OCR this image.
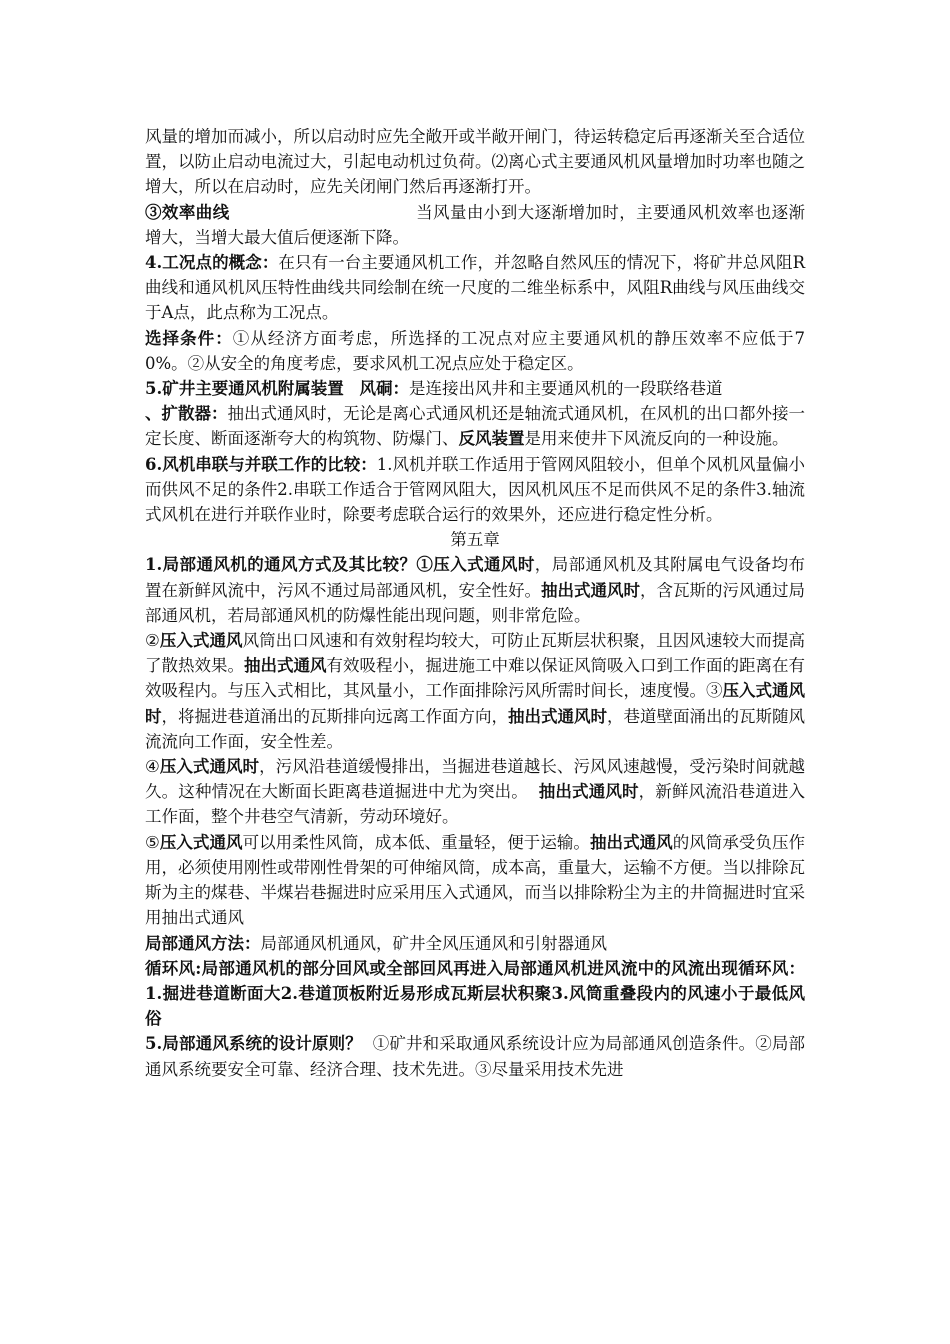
风量的增加而减小，所以启动时应先全敞开或半敞开闸门，待运转稳定后再逐渐关至合适位置，以防止启动电流过大，引起电动机过负荷。⑵离心式主要通风机风量增加时功率也随之增大，所以在启动时，应先关闭闸门然后再逐渐打开。

③效率曲线	当风量由小到大逐渐增加时，主要通风机效率也逐渐增大，当增大最大值后便逐渐下降。

4.工况点的概念：在只有一台主要通风机工作，并忽略自然风压的情况下，将矿井总风阻R曲线和通风机风压特性曲线共同绘制在统一尺度的二维坐标系中，风阻R曲线与风压曲线交于A点，此点称为工况点。

选择条件：①从经济方面考虑，所选择的工况点对应主要通风机的静压效率不应低于70%。②从安全的角度考虑，要求风机工况点应处于稳定区。

5.矿井主要通风机附属装置 风硐：是连接出风井和主要通风机的一段联络巷道

、扩散器：抽出式通风时，无论是离心式通风机还是轴流式通风机，在风机的出口都外接一定长度、断面逐渐夸大的构筑物、防爆门、反风装置是用来使井下风流反向的一种设施。

6.风机串联与并联工作的比较：1.风机并联工作适用于管网风阻较小，但单个风机风量偏小而供风不足的条件2.串联工作适合于管网风阻大，因风机风压不足而供风不足的条件3.轴流式风机在进行并联作业时，除要考虑联合运行的效果外，还应进行稳定性分析。

第五章

1.局部通风机的通风方式及其比较？①压入式通风时，局部通风机及其附属电气设备均布置在新鲜风流中，污风不通过局部通风机，安全性好。抽出式通风时，含瓦斯的污风通过局部通风机，若局部通风机的防爆性能出现问题，则非常危险。

②压入式通风风筒出口风速和有效射程均较大，可防止瓦斯层状积聚，且因风速较大而提高了散热效果。抽出式通风有效吸程小，掘进施工中难以保证风筒吸入口到工作面的距离在有效吸程内。与压入式相比，其风量小，工作面排除污风所需时间长，速度慢。③压入式通风时，将掘进巷道涌出的瓦斯排向远离工作面方向，抽出式通风时，巷道壁面涌出的瓦斯随风流流向工作面，安全性差。

④压入式通风时，污风沿巷道缓慢排出，当掘进巷道越长、污风风速越慢，受污染时间就越久。这种情况在大断面长距离巷道掘进中尤为突出。 抽出式通风时，新鲜风流沿巷道进入工作面，整个井巷空气清新，劳动环境好。

⑤压入式通风可以用柔性风筒，成本低、重量轻，便于运输。抽出式通风的风筒承受负压作用，必须使用刚性或带刚性骨架的可伸缩风筒，成本高，重量大，运输不方便。当以排除瓦斯为主的煤巷、半煤岩巷掘进时应采用压入式通风，而当以排除粉尘为主的井筒掘进时宜采用抽出式通风

局部通风方法：局部通风机通风，矿井全风压通风和引射器通风

循环风:局部通风机的部分回风或全部回风再进入局部通风机进风流中的风流出现循环风：1.掘进巷道断面大2.巷道顶板附近易形成瓦斯层状积聚3.风筒重叠段内的风速小于最低风俗

5.局部通风系统的设计原则？ ①矿井和采取通风系统设计应为局部通风创造条件。②局部通风系统要安全可靠、经济合理、技术先进。③尽量采用技术先进
